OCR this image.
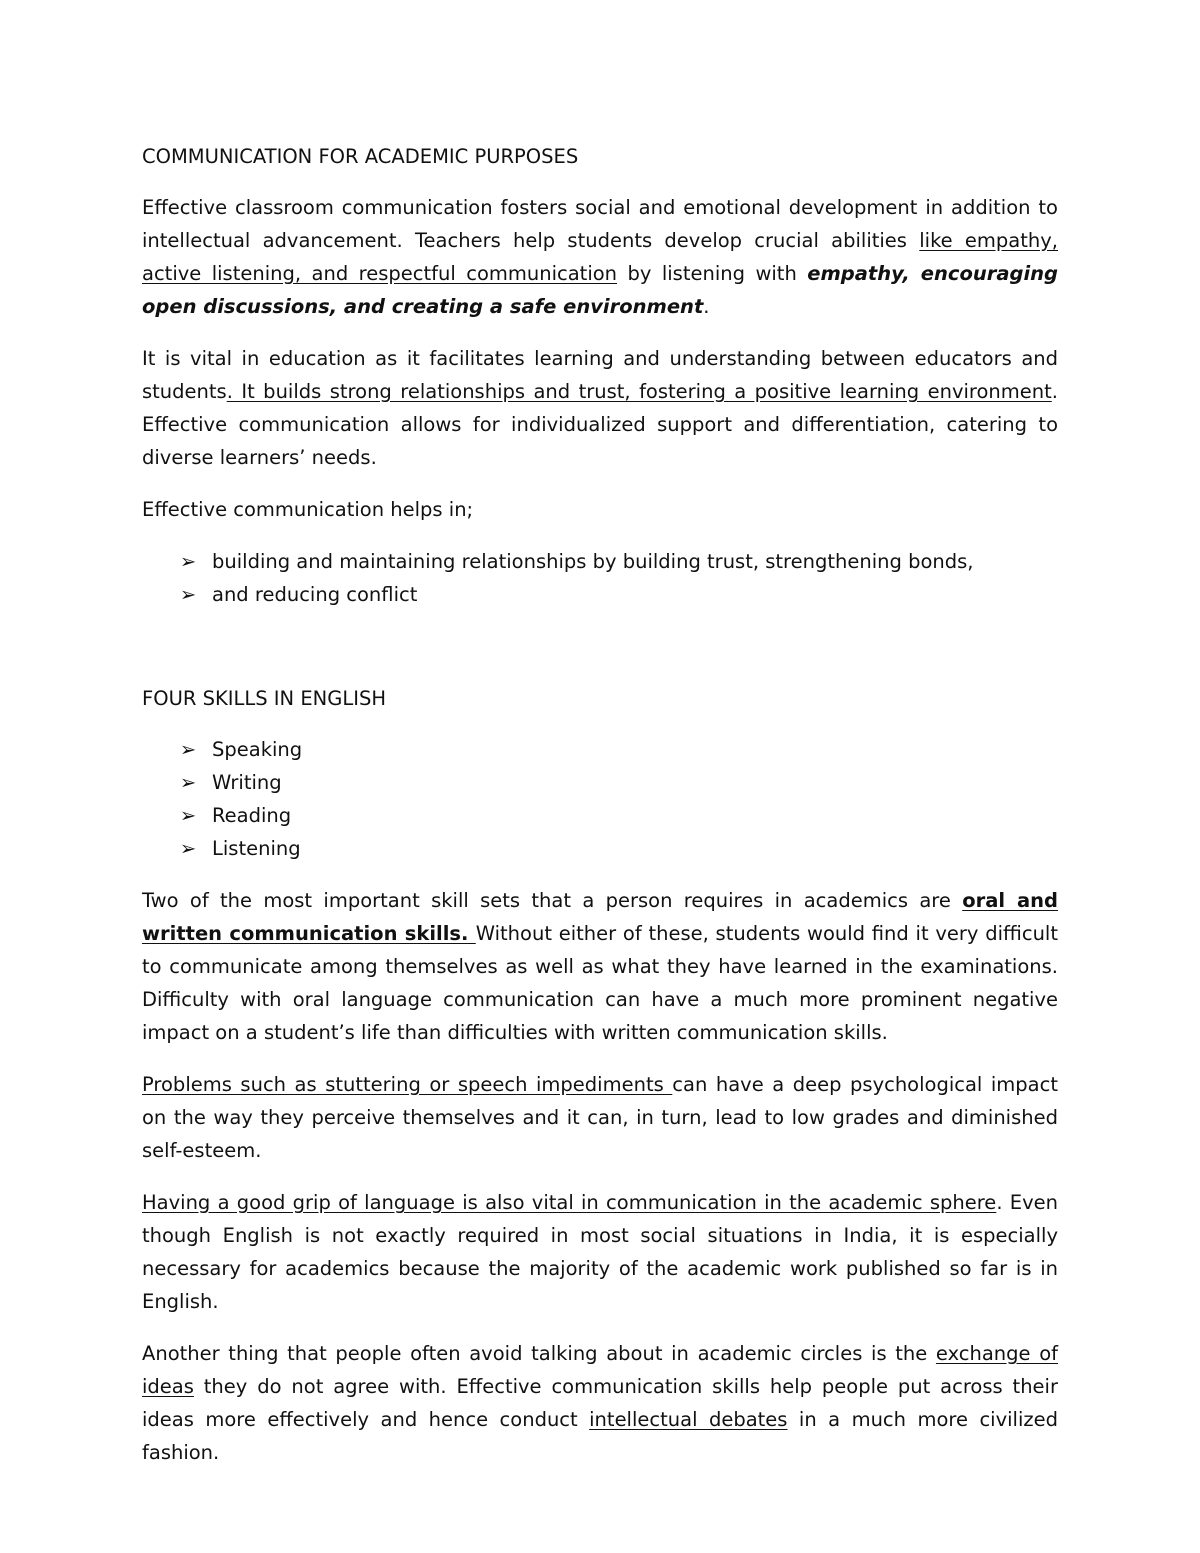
COMMUNICATION FOR ACADEMIC PURPOSES

Effective classroom communication fosters social and emotional development in addition to intellectual advancement. Teachers help students develop crucial abilities like empathy, active listening, and respectful communication by listening with empathy, encouraging open discussions, and creating a safe environment.

It is vital in education as it facilitates learning and understanding between educators and students. It builds strong relationships and trust, fostering a positive learning environment. Effective communication allows for individualized support and differentiation, catering to diverse learners’ needs.

Effective communication helps in;

➢ building and maintaining relationships by building trust, strengthening bonds,
➢ and reducing conflict

FOUR SKILLS IN ENGLISH

➢ Speaking
➢ Writing
➢ Reading
➢ Listening

Two of the most important skill sets that a person requires in academics are oral and written communication skills. Without either of these, students would find it very difficult to communicate among themselves as well as what they have learned in the examinations. Difficulty with oral language communication can have a much more prominent negative impact on a student’s life than difficulties with written communication skills.

Problems such as stuttering or speech impediments can have a deep psychological impact on the way they perceive themselves and it can, in turn, lead to low grades and diminished self-esteem.

Having a good grip of language is also vital in communication in the academic sphere. Even though English is not exactly required in most social situations in India, it is especially necessary for academics because the majority of the academic work published so far is in English.

Another thing that people often avoid talking about in academic circles is the exchange of ideas they do not agree with. Effective communication skills help people put across their ideas more effectively and hence conduct intellectual debates in a much more civilized fashion.
